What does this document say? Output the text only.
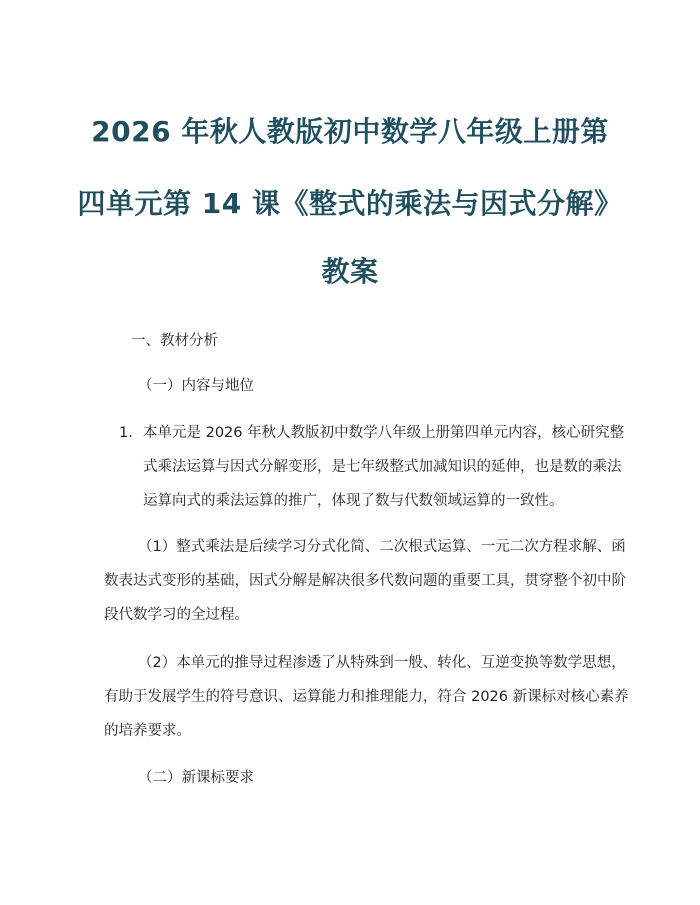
2026 年秋人教版初中数学八年级上册第
四单元第 14 课《整式的乘法与因式分解》
教案
一、教材分析
（一）内容与地位
1. 本单元是 2026 年秋人教版初中数学八年级上册第四单元内容，核心研究整
式乘法运算与因式分解变形，是七年级整式加减知识的延伸，也是数的乘法
运算向式的乘法运算的推广，体现了数与代数领域运算的一致性。
（1）整式乘法是后续学习分式化简、二次根式运算、一元二次方程求解、函
数表达式变形的基础，因式分解是解决很多代数问题的重要工具，贯穿整个初中阶
段代数学习的全过程。
（2）本单元的推导过程渗透了从特殊到一般、转化、互逆变换等数学思想，
有助于发展学生的符号意识、运算能力和推理能力，符合 2026 新课标对核心素养
的培养要求。
（二）新课标要求
